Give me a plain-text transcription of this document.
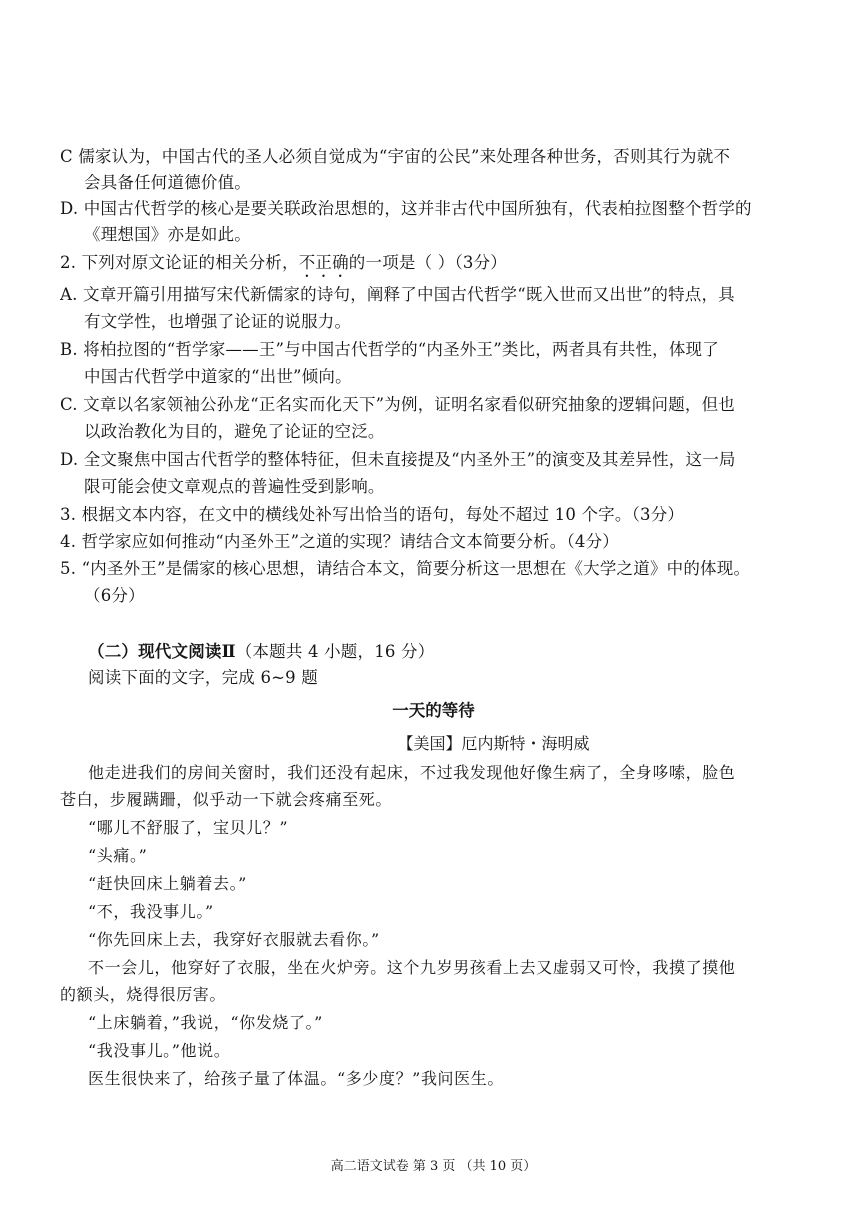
C 儒家认为，中国古代的圣人必须自觉成为“宇宙的公民”来处理各种世务，否则其行为就不
会具备任何道德价值。
D. 中国古代哲学的核心是要关联政治思想的，这并非古代中国所独有，代表柏拉图整个哲学的
《理想国》亦是如此。
2. 下列对原文论证的相关分析，不正确的一项是（ ）（3分）
A. 文章开篇引用描写宋代新儒家的诗句，阐释了中国古代哲学“既入世而又出世”的特点，具
有文学性，也增强了论证的说服力。
B. 将柏拉图的“哲学家——王”与中国古代哲学的“内圣外王”类比，两者具有共性，体现了
中国古代哲学中道家的“出世”倾向。
C. 文章以名家领袖公孙龙“正名实而化天下”为例，证明名家看似研究抽象的逻辑问题，但也
以政治教化为目的，避免了论证的空泛。
D. 全文聚焦中国古代哲学的整体特征，但未直接提及“内圣外王”的演变及其差异性，这一局
限可能会使文章观点的普遍性受到影响。
3. 根据文本内容，在文中的横线处补写出恰当的语句，每处不超过 10 个字。（3分）
4. 哲学家应如何推动“内圣外王”之道的实现？请结合文本简要分析。（4分）
5. “内圣外王”是儒家的核心思想，请结合本文，简要分析这一思想在《大学之道》中的体现。
（6分）
（二）现代文阅读Ⅱ（本题共 4 小题，16 分）
阅读下面的文字，完成 6~9 题
一天的等待
【美国】厄内斯特・海明威
他走进我们的房间关窗时，我们还没有起床，不过我发现他好像生病了，全身哆嗦，脸色
苍白，步履蹒跚，似乎动一下就会疼痛至死。
“哪儿不舒服了，宝贝儿？”
“头痛。”
“赶快回床上躺着去。”
“不，我没事儿。”
“你先回床上去，我穿好衣服就去看你。”
不一会儿，他穿好了衣服，坐在火炉旁。这个九岁男孩看上去又虚弱又可怜，我摸了摸他
的额头，烧得很厉害。
“上床躺着，”我说，“你发烧了。”
“我没事儿。”他说。
医生很快来了，给孩子量了体温。“多少度？”我问医生。
高二语文试卷 第 3 页 （共 10 页）
